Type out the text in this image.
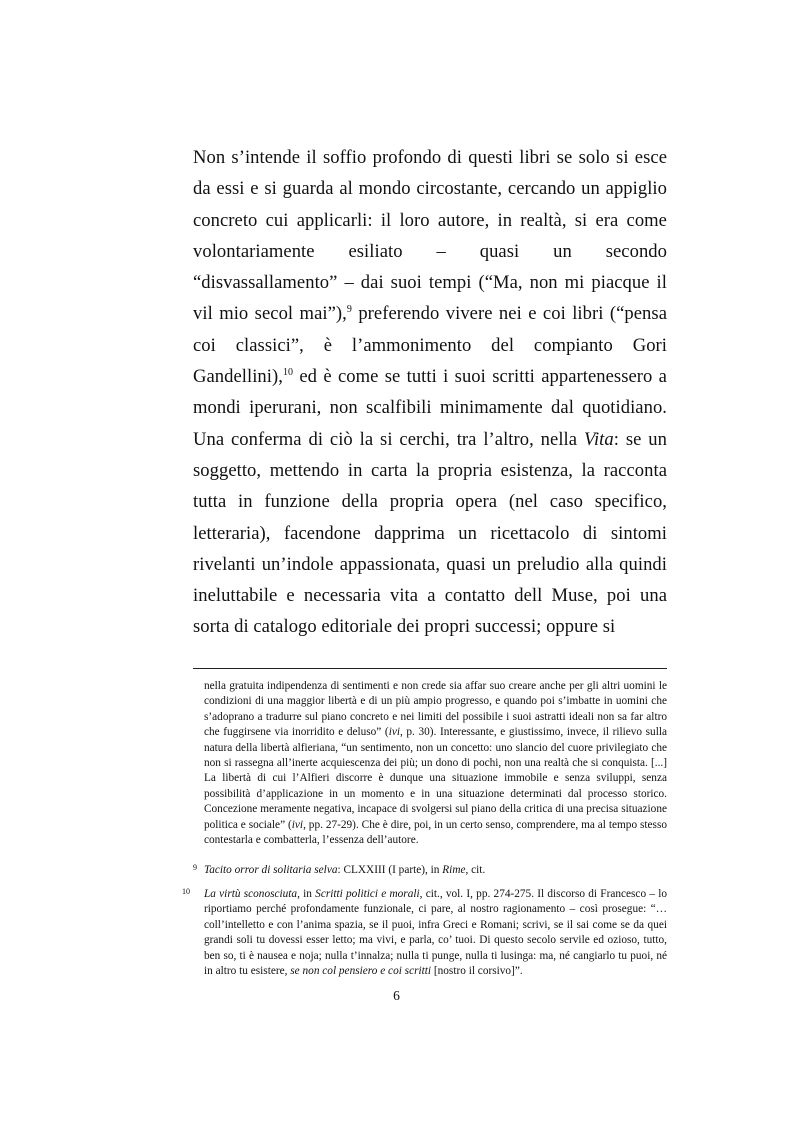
Non s’intende il soffio profondo di questi libri se solo si esce da essi e si guarda al mondo circostante, cercando un appiglio concreto cui applicarli: il loro autore, in realtà, si era come volontariamente esiliato – quasi un secondo “disvassallamento” – dai suoi tempi (“Ma, non mi piacque il vil mio secol mai”),$^9$ preferendo vivere nei e coi libri (“pensa coi classici”, è l’ammonimento del compianto Gori Gandellini),$^{10}$ ed è come se tutti i suoi scritti appartenessero a mondi iperurani, non scalfibili minimamente dal quotidiano. Una conferma di ciò la si cerchi, tra l’altro, nella Vita: se un soggetto, mettendo in carta la propria esistenza, la racconta tutta in funzione della propria opera (nel caso specifico, letteraria), facendone dapprima un ricettacolo di sintomi rivelanti un’indole appassionata, quasi un preludio alla quindi ineluttabile e necessaria vita a contatto dell Muse, poi una sorta di catalogo editoriale dei propri successi; oppure si

nella gratuita indipendenza di sentimenti e non crede sia affar suo creare anche per gli altri uomini le condizioni di una maggior libertà e di un più ampio progresso, e quando poi s’imbatte in uomini che s’adoprano a tradurre sul piano concreto e nei limiti del possibile i suoi astratti ideali non sa far altro che fuggirsene via inorridito e deluso” (ivi, p. 30). Interessante, e giustissimo, invece, il rilievo sulla natura della libertà alfieriana, “un sentimento, non un concetto: uno slancio del cuore privilegiato che non si rassegna all’inerte acquiescenza dei più; un dono di pochi, non una realtà che si conquista. [...] La libertà di cui l’Alfieri discorre è dunque una situazione immobile e senza sviluppi, senza possibilità d’applicazione in un momento e in una situazione determinati dal processo storico. Concezione meramente negativa, incapace di svolgersi sul piano della critica di una precisa situazione politica e sociale” (ivi, pp. 27-29). Che è dire, poi, in un certo senso, comprendere, ma al tempo stesso contestarla e combatterla, l’essenza dell’autore.

9 Tacito orror di solitaria selva: CLXXIII (I parte), in Rime, cit.

10 La virtù sconosciuta, in Scritti politici e morali, cit., vol. I, pp. 274-275. Il discorso di Francesco – lo riportiamo perché profondamente funzionale, ci pare, al nostro ragionamento – così prosegue: “…coll’intelletto e con l’anima spazia, se il puoi, infra Greci e Romani; scrivi, se il sai come se da quei grandi soli tu dovessi esser letto; ma vivi, e parla, co’ tuoi. Di questo secolo servile ed ozioso, tutto, ben so, ti è nausea e noja; nulla t’innalza; nulla ti punge, nulla ti lusinga: ma, né cangiarlo tu puoi, né in altro tu esistere, se non col pensiero e coi scritti [nostro il corsivo]”.

6
